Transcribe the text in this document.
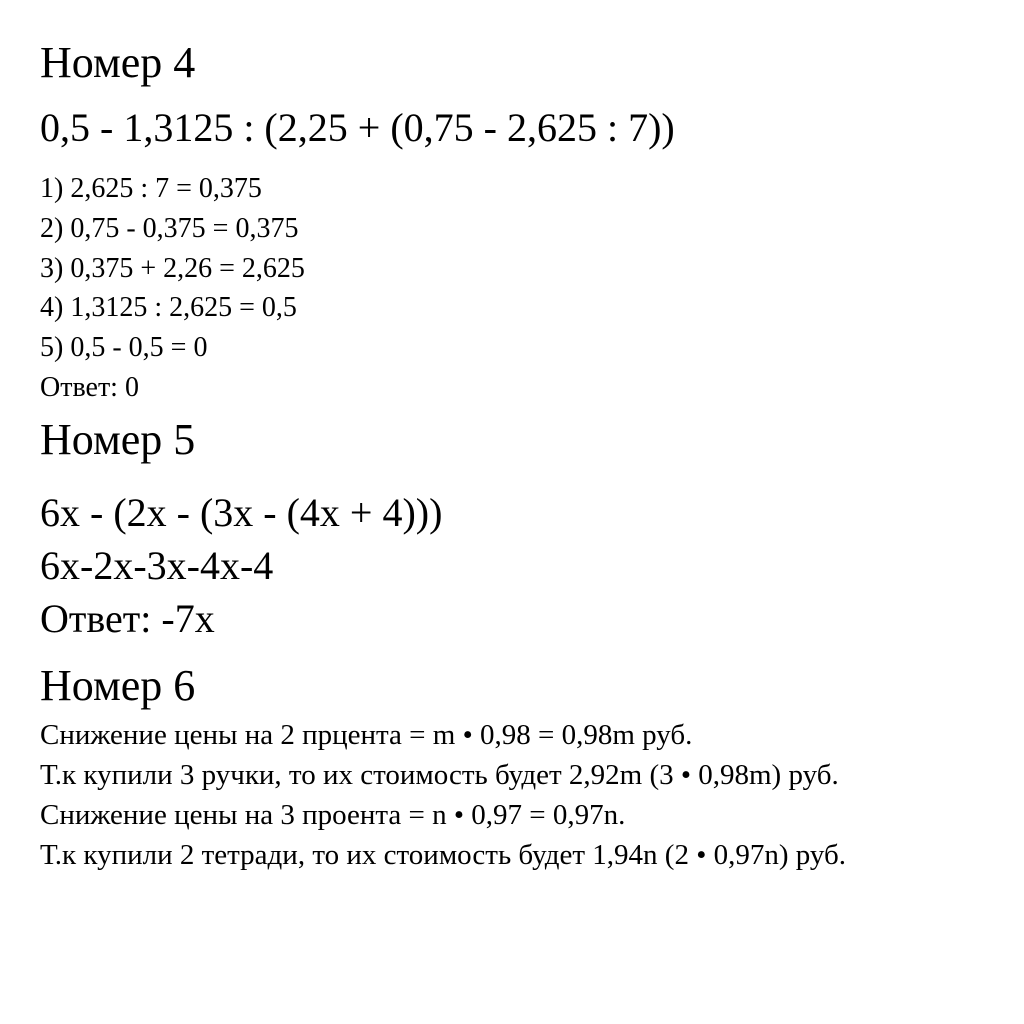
Номер 4
0,5 - 1,3125 : (2,25 + (0,75 - 2,625 : 7))
1) 2,625 : 7 = 0,375
2) 0,75 - 0,375 = 0,375
3) 0,375 + 2,26 = 2,625
4) 1,3125 : 2,625 = 0,5
5) 0,5 - 0,5 = 0
Ответ: 0
Номер 5
6x - (2x - (3x - (4x + 4)))
6x-2x-3x-4x-4
Ответ: -7x
Номер 6
Снижение цены на 2 прцента = m • 0,98 = 0,98m руб.
Т.к купили 3 ручки, то их стоимость будет 2,92m (3 • 0,98m) руб.
Снижение цены на 3 проента = n • 0,97 = 0,97n.
Т.к купили 2 тетради, то их стоимость будет 1,94n (2 • 0,97n) руб.
